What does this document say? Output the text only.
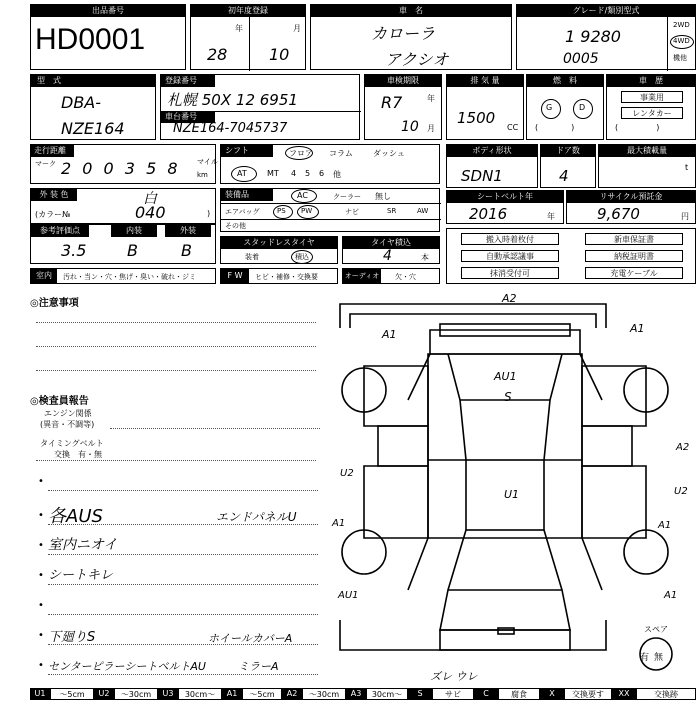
出品番号
HD0001
初年度登録
年	月
28	10
車　名
カローラ
アクシオ
グレード/類別型式
1 9280
0005
2WD
4WD
機他
型　式
DBA-
NZE164
登録番号
札幌 50X 12 6951
車台番号
NZE164-7045737
車検期限
R7	年
10 月
排 気 量
1500
CC
燃　料
G	D
(             )
車　歴
事業用
レンタカー
(               )
走行距離
マーク 2 0 0 3 5 8 マイル
km
シフト	フロア コラム	ダッシュ
AT	MT 4 5 6 他
ボディ形状
SDN1
ドア数
4
最大積載量
t
外 装 色	白
(カラー№	040	)
装備品	AC	クーラー 無し
エアバッグ	PS PW	ナビ	SR	AW
その他
シートベルト年
2016	年
リサイクル預託金
9,670	円
参考評価点	内装	外装
3.5	B	B	スタッドレスタイヤ
装着	積込
タイヤ積込
4	本
搬入時着枚付	新車保証書
自動承認議事	納税証明書
抹消受付可	充電ケーブル
室内	汚れ・当ン・穴・焦げ・臭い・破れ・ジミ	F W	ヒビ・補修・交換要	オーディオ 欠・穴
◎注意事項
◎検査員報告
エンジン関係
(異音・不調等)
タイミングベルト
交換　有・無
•
• 各AUS	エンドパネルU
• 室内ニオイ
• シートキレ
•
• 下廻りS	ホイールカバーA
• センターピラーシートベルトAU	ミラーA
A2
A1	A1
AU1
S
U1
U2
A1
AU1
A2
U2
A1
A1
ズレ ウレ
スペア
有 無
U1	～5cm	U2	～30cm	U3	30cm～	A1	～5cm	A2	～30cm	A3	30cm～	S	サビ	C	腐食	X	交換要す	XX	交換跡
